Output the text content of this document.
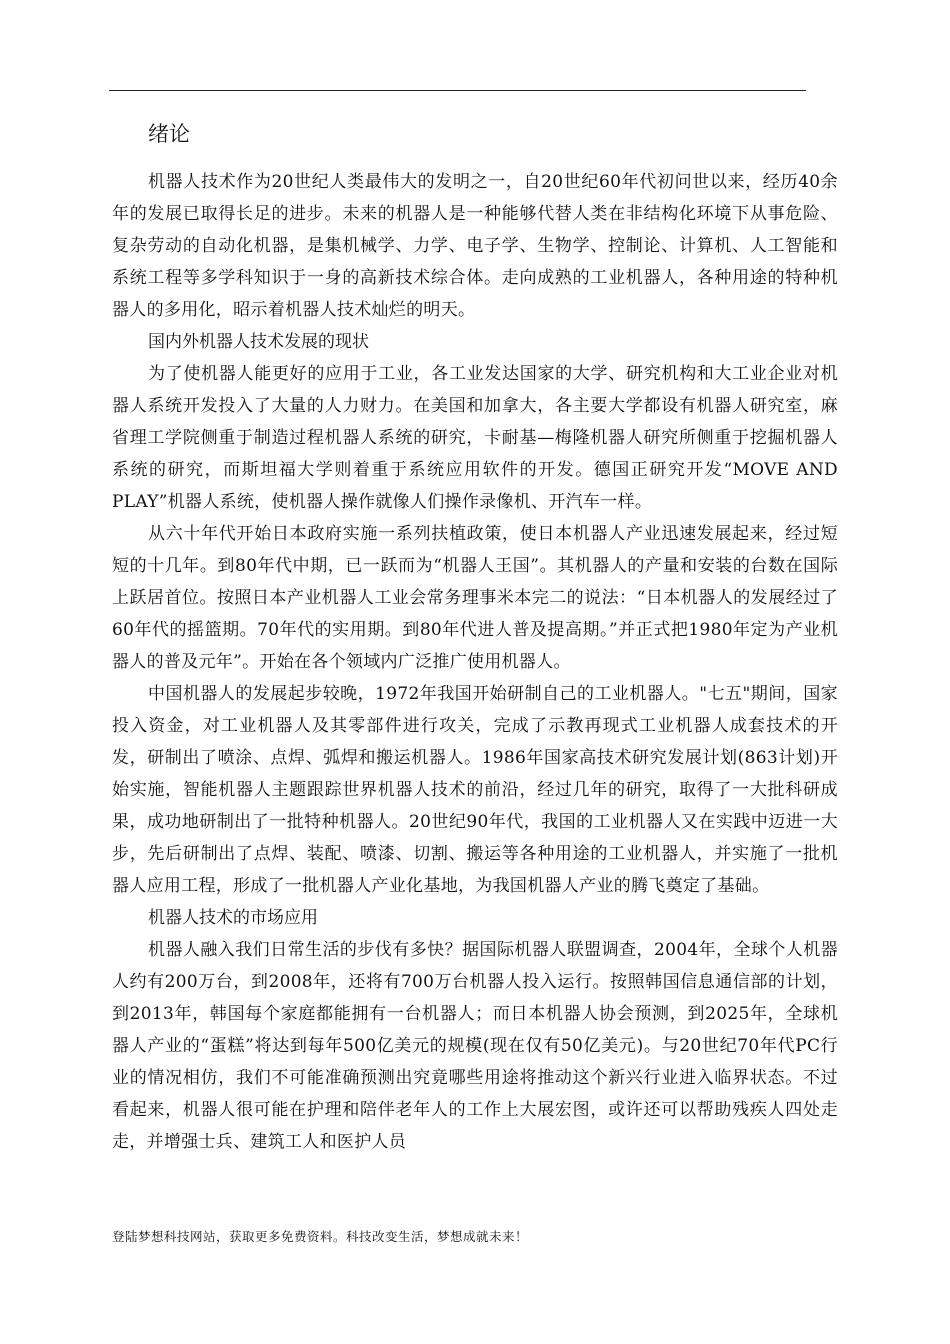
绪论

机器人技术作为20世纪人类最伟大的发明之一，自20世纪60年代初问世以来，经历40余年的发展已取得长足的进步。未来的机器人是一种能够代替人类在非结构化环境下从事危险、复杂劳动的自动化机器，是集机械学、力学、电子学、生物学、控制论、计算机、人工智能和系统工程等多学科知识于一身的高新技术综合体。走向成熟的工业机器人，各种用途的特种机器人的多用化，昭示着机器人技术灿烂的明天。

国内外机器人技术发展的现状

为了使机器人能更好的应用于工业，各工业发达国家的大学、研究机构和大工业企业对机器人系统开发投入了大量的人力财力。在美国和加拿大，各主要大学都设有机器人研究室，麻省理工学院侧重于制造过程机器人系统的研究，卡耐基—梅隆机器人研究所侧重于挖掘机器人系统的研究，而斯坦福大学则着重于系统应用软件的开发。德国正研究开发“MOVE AND PLAY”机器人系统，使机器人操作就像人们操作录像机、开汽车一样。

从六十年代开始日本政府实施一系列扶植政策，使日本机器人产业迅速发展起来，经过短短的十几年。到80年代中期，已一跃而为“机器人王国”。其机器人的产量和安装的台数在国际上跃居首位。按照日本产业机器人工业会常务理事米本完二的说法：“日本机器人的发展经过了60年代的摇篮期。70年代的实用期。到80年代进人普及提高期。”并正式把1980年定为产业机器人的普及元年”。开始在各个领域内广泛推广使用机器人。

中国机器人的发展起步较晚，1972年我国开始研制自己的工业机器人。"七五"期间，国家投入资金，对工业机器人及其零部件进行攻关，完成了示教再现式工业机器人成套技术的开发，研制出了喷涂、点焊、弧焊和搬运机器人。1986年国家高技术研究发展计划(863计划)开始实施，智能机器人主题跟踪世界机器人技术的前沿，经过几年的研究，取得了一大批科研成果，成功地研制出了一批特种机器人。20世纪90年代，我国的工业机器人又在实践中迈进一大步，先后研制出了点焊、装配、喷漆、切割、搬运等各种用途的工业机器人，并实施了一批机器人应用工程，形成了一批机器人产业化基地，为我国机器人产业的腾飞奠定了基础。

机器人技术的市场应用

机器人融入我们日常生活的步伐有多快？据国际机器人联盟调查，2004年，全球个人机器人约有200万台，到2008年，还将有700万台机器人投入运行。按照韩国信息通信部的计划，到2013年，韩国每个家庭都能拥有一台机器人；而日本机器人协会预测，到2025年，全球机器人产业的“蛋糕”将达到每年500亿美元的规模(现在仅有50亿美元)。与20世纪70年代PC行业的情况相仿，我们不可能准确预测出究竟哪些用途将推动这个新兴行业进入临界状态。不过看起来，机器人很可能在护理和陪伴老年人的工作上大展宏图，或许还可以帮助残疾人四处走走，并增强士兵、建筑工人和医护人员

登陆梦想科技网站，获取更多免费资料。科技改变生活，梦想成就未来！
